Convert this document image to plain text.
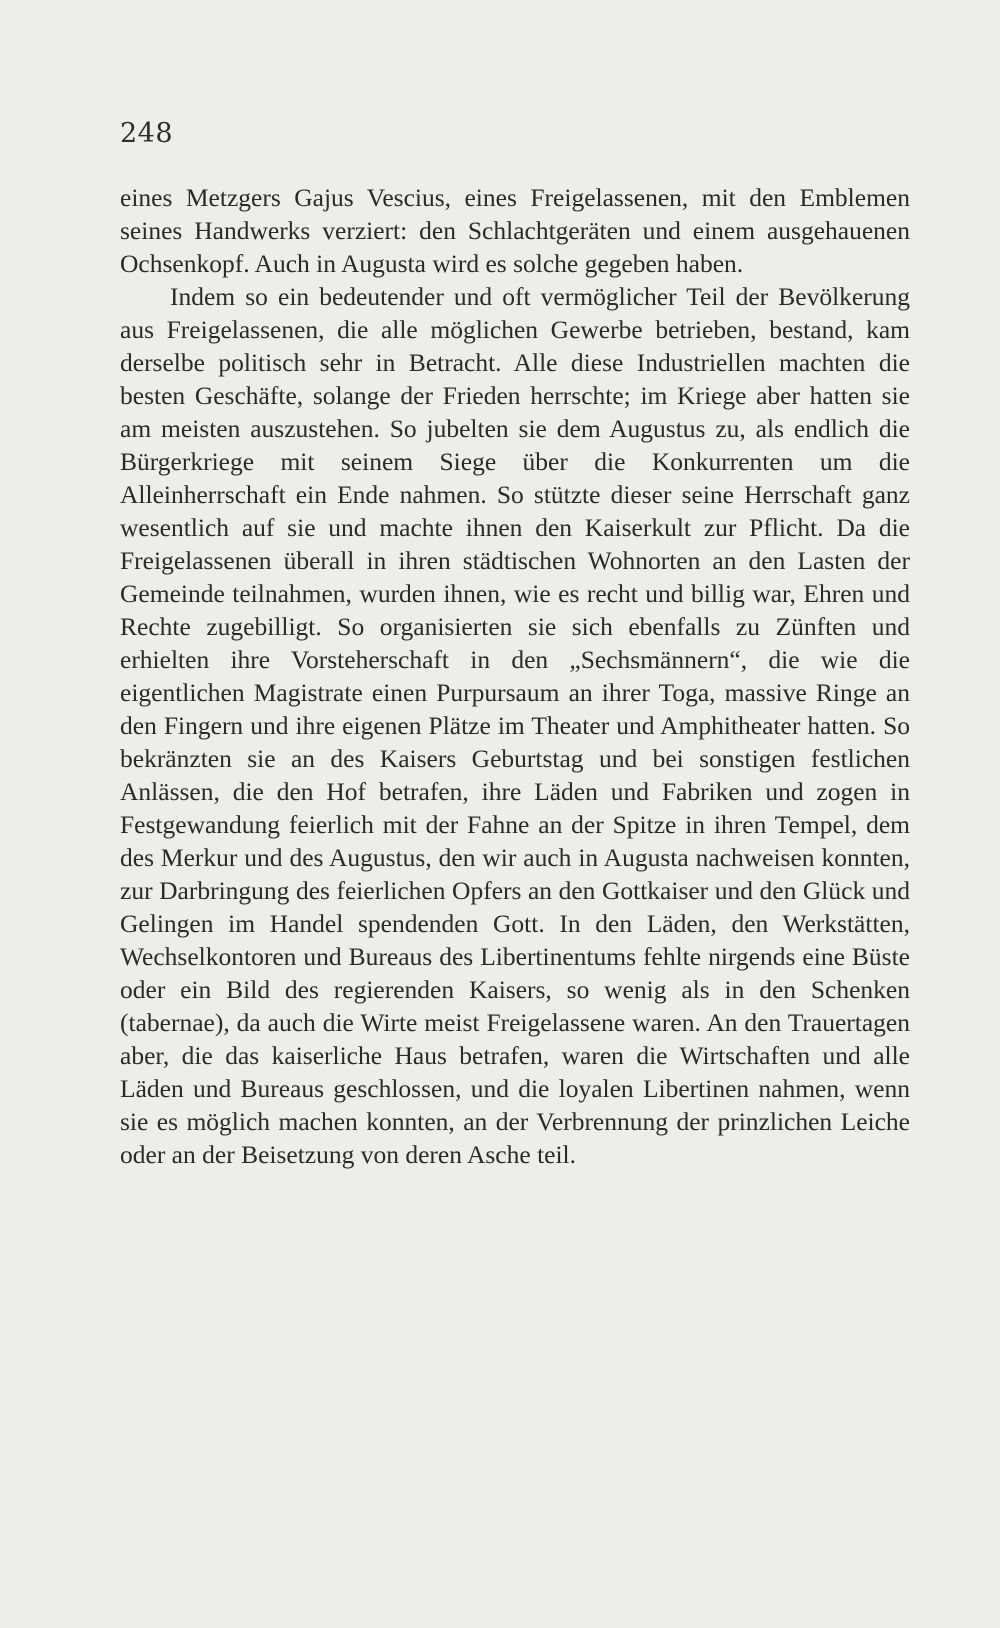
248

eines Metzgers Gajus Vescius, eines Freigelassenen, mit den Emblemen seines Handwerks verziert: den Schlachtgeräten und einem ausgehauenen Ochsenkopf. Auch in Augusta wird es solche gegeben haben.

Indem so ein bedeutender und oft vermöglicher Teil der Bevölkerung aus Freigelassenen, die alle möglichen Gewerbe betrieben, bestand, kam derselbe politisch sehr in Betracht. Alle diese Industriellen machten die besten Geschäfte, solange der Frieden herrschte; im Kriege aber hatten sie am meisten auszustehen. So jubelten sie dem Augustus zu, als endlich die Bürgerkriege mit seinem Siege über die Konkurrenten um die Alleinherrschaft ein Ende nahmen. So stützte dieser seine Herrschaft ganz wesentlich auf sie und machte ihnen den Kaiserkult zur Pflicht. Da die Freigelassenen überall in ihren städtischen Wohnorten an den Lasten der Gemeinde teilnahmen, wurden ihnen, wie es recht und billig war, Ehren und Rechte zugebilligt. So organisierten sie sich ebenfalls zu Zünften und erhielten ihre Vorsteherschaft in den „Sechsmännern“, die wie die eigentlichen Magistrate einen Purpursaum an ihrer Toga, massive Ringe an den Fingern und ihre eigenen Plätze im Theater und Amphitheater hatten. So bekränzten sie an des Kaisers Geburtstag und bei sonstigen festlichen Anlässen, die den Hof betrafen, ihre Läden und Fabriken und zogen in Festgewandung feierlich mit der Fahne an der Spitze in ihren Tempel, dem des Merkur und des Augustus, den wir auch in Augusta nachweisen konnten, zur Darbringung des feierlichen Opfers an den Gottkaiser und den Glück und Gelingen im Handel spendenden Gott. In den Läden, den Werkstätten, Wechselkontoren und Bureaus des Libertinentums fehlte nirgends eine Büste oder ein Bild des regierenden Kaisers, so wenig als in den Schenken (tabernae), da auch die Wirte meist Freigelassene waren. An den Trauertagen aber, die das kaiserliche Haus betrafen, waren die Wirtschaften und alle Läden und Bureaus geschlossen, und die loyalen Libertinen nahmen, wenn sie es möglich machen konnten, an der Verbrennung der prinzlichen Leiche oder an der Beisetzung von deren Asche teil.
